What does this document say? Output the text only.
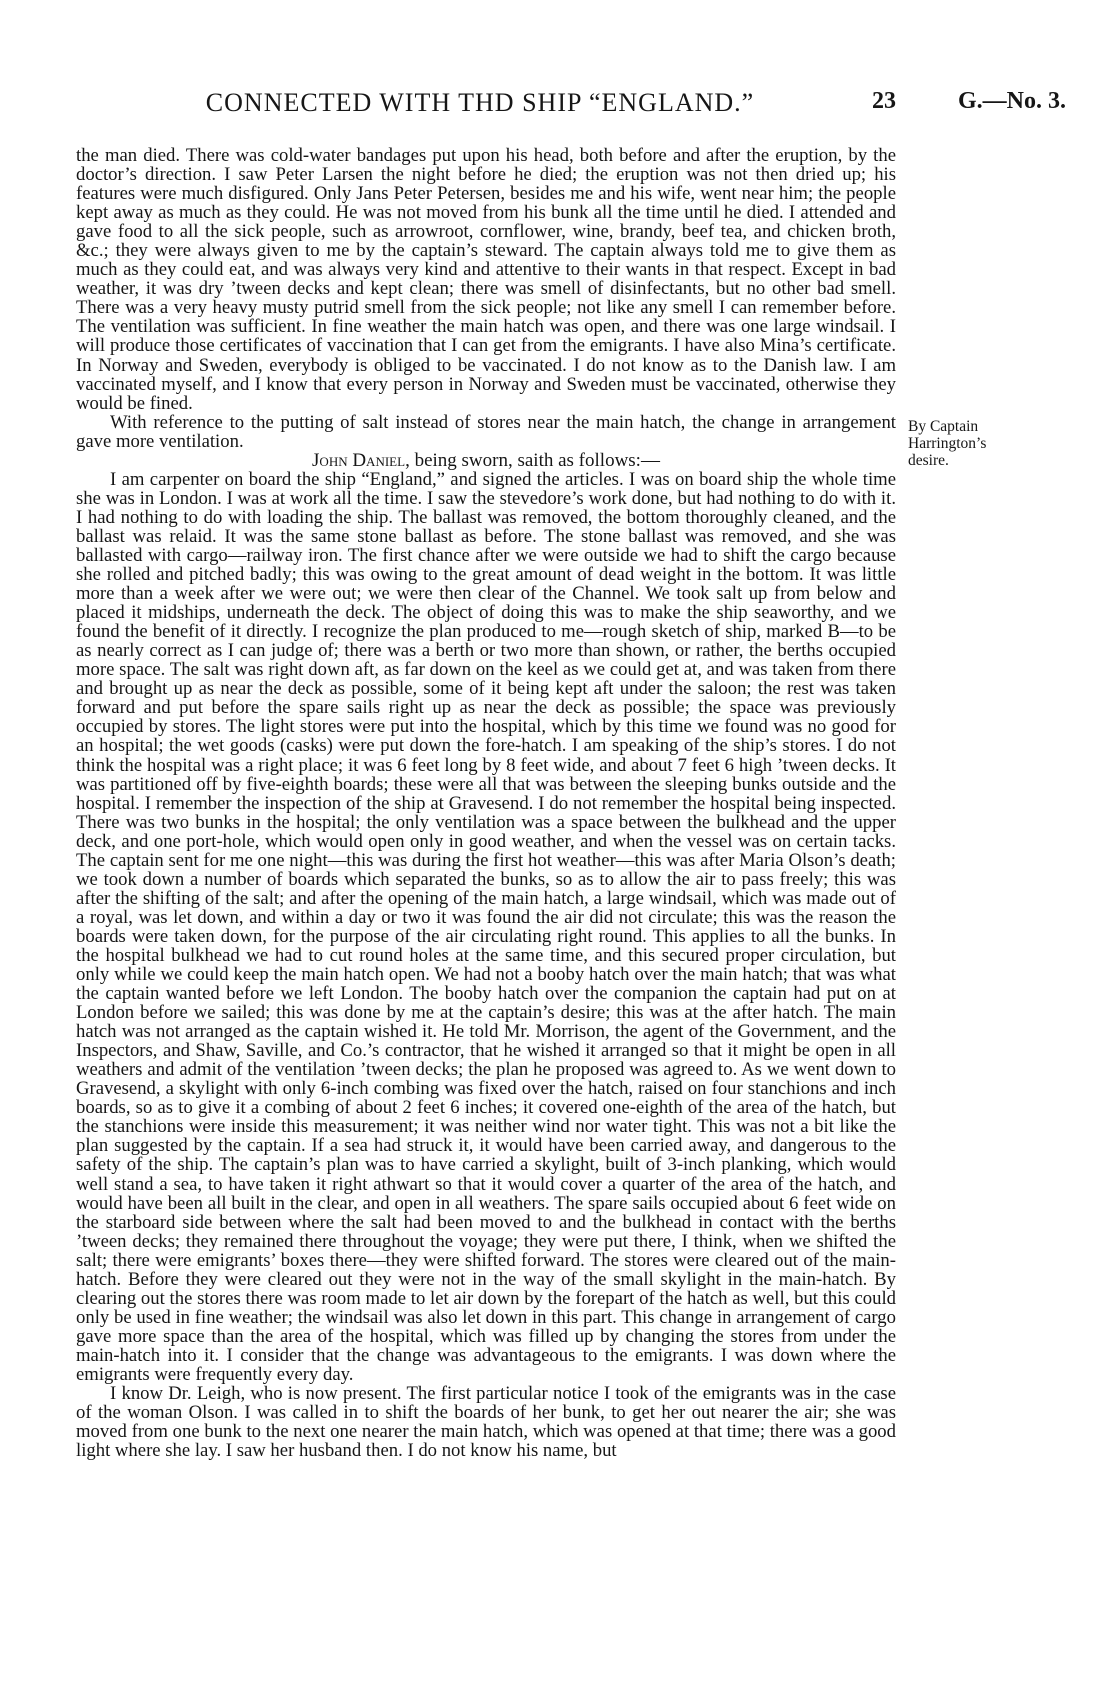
CONNECTED WITH THD SHIP “ENGLAND.”	23	G.—No. 3.

the man died. There was cold-water bandages put upon his head, both before and after the eruption, by the doctor’s direction. I saw Peter Larsen the night before he died; the eruption was not then dried up; his features were much disfigured. Only Jans Peter Petersen, besides me and his wife, went near him; the people kept away as much as they could. He was not moved from his bunk all the time until he died. I attended and gave food to all the sick people, such as arrowroot, cornflower, wine, brandy, beef tea, and chicken broth, &c.; they were always given to me by the captain’s steward. The captain always told me to give them as much as they could eat, and was always very kind and attentive to their wants in that respect. Except in bad weather, it was dry ’tween decks and kept clean; there was smell of disinfectants, but no other bad smell. There was a very heavy musty putrid smell from the sick people; not like any smell I can remember before. The ventilation was sufficient. In fine weather the main hatch was open, and there was one large windsail. I will produce those certificates of vaccination that I can get from the emigrants. I have also Mina’s certificate. In Norway and Sweden, everybody is obliged to be vaccinated. I do not know as to the Danish law. I am vaccinated myself, and I know that every person in Norway and Sweden must be vaccinated, otherwise they would be fined.

With reference to the putting of salt instead of stores near the main hatch, the change in arrangement gave more ventilation.

John Daniel, being sworn, saith as follows:—

I am carpenter on board the ship “England,” and signed the articles. I was on board ship the whole time she was in London. I was at work all the time. I saw the stevedore’s work done, but had nothing to do with it. I had nothing to do with loading the ship. The ballast was removed, the bottom thoroughly cleaned, and the ballast was relaid. It was the same stone ballast as before. The stone ballast was removed, and she was ballasted with cargo—railway iron. The first chance after we were outside we had to shift the cargo because she rolled and pitched badly; this was owing to the great amount of dead weight in the bottom. It was little more than a week after we were out; we were then clear of the Channel. We took salt up from below and placed it midships, underneath the deck. The object of doing this was to make the ship seaworthy, and we found the benefit of it directly. I recognize the plan produced to me—rough sketch of ship, marked B—to be as nearly correct as I can judge of; there was a berth or two more than shown, or rather, the berths occupied more space. The salt was right down aft, as far down on the keel as we could get at, and was taken from there and brought up as near the deck as possible, some of it being kept aft under the saloon; the rest was taken forward and put before the spare sails right up as near the deck as possible; the space was previously occupied by stores. The light stores were put into the hospital, which by this time we found was no good for an hospital; the wet goods (casks) were put down the fore-hatch. I am speaking of the ship’s stores. I do not think the hospital was a right place; it was 6 feet long by 8 feet wide, and about 7 feet 6 high ’tween decks. It was partitioned off by five-eighth boards; these were all that was between the sleeping bunks outside and the hospital. I remember the inspection of the ship at Gravesend. I do not remember the hospital being inspected. There was two bunks in the hospital; the only ventilation was a space between the bulkhead and the upper deck, and one port-hole, which would open only in good weather, and when the vessel was on certain tacks. The captain sent for me one night—this was during the first hot weather—this was after Maria Olson’s death; we took down a number of boards which separated the bunks, so as to allow the air to pass freely; this was after the shifting of the salt; and after the opening of the main hatch, a large windsail, which was made out of a royal, was let down, and within a day or two it was found the air did not circulate; this was the reason the boards were taken down, for the purpose of the air circulating right round. This applies to all the bunks. In the hospital bulkhead we had to cut round holes at the same time, and this secured proper circulation, but only while we could keep the main hatch open. We had not a booby hatch over the main hatch; that was what the captain wanted before we left London. The booby hatch over the companion the captain had put on at London before we sailed; this was done by me at the captain’s desire; this was at the after hatch. The main hatch was not arranged as the captain wished it. He told Mr. Morrison, the agent of the Government, and the Inspectors, and Shaw, Saville, and Co.’s contractor, that he wished it arranged so that it might be open in all weathers and admit of the ventilation ’tween decks; the plan he proposed was agreed to. As we went down to Gravesend, a skylight with only 6-inch combing was fixed over the hatch, raised on four stanchions and inch boards, so as to give it a combing of about 2 feet 6 inches; it covered one-eighth of the area of the hatch, but the stanchions were inside this measurement; it was neither wind nor water tight. This was not a bit like the plan suggested by the captain. If a sea had struck it, it would have been carried away, and dangerous to the safety of the ship. The captain’s plan was to have carried a skylight, built of 3-inch planking, which would well stand a sea, to have taken it right athwart so that it would cover a quarter of the area of the hatch, and would have been all built in the clear, and open in all weathers. The spare sails occupied about 6 feet wide on the starboard side between where the salt had been moved to and the bulkhead in contact with the berths ’tween decks; they remained there throughout the voyage; they were put there, I think, when we shifted the salt; there were emigrants’ boxes there—they were shifted forward. The stores were cleared out of the main-hatch. Before they were cleared out they were not in the way of the small skylight in the main-hatch. By clearing out the stores there was room made to let air down by the forepart of the hatch as well, but this could only be used in fine weather; the windsail was also let down in this part. This change in arrangement of cargo gave more space than the area of the hospital, which was filled up by changing the stores from under the main-hatch into it. I consider that the change was advantageous to the emigrants. I was down where the emigrants were frequently every day.

I know Dr. Leigh, who is now present. The first particular notice I took of the emigrants was in the case of the woman Olson. I was called in to shift the boards of her bunk, to get her out nearer the air; she was moved from one bunk to the next one nearer the main hatch, which was opened at that time; there was a good light where she lay. I saw her husband then. I do not know his name, but

By Captain
Harrington’s
desire.
